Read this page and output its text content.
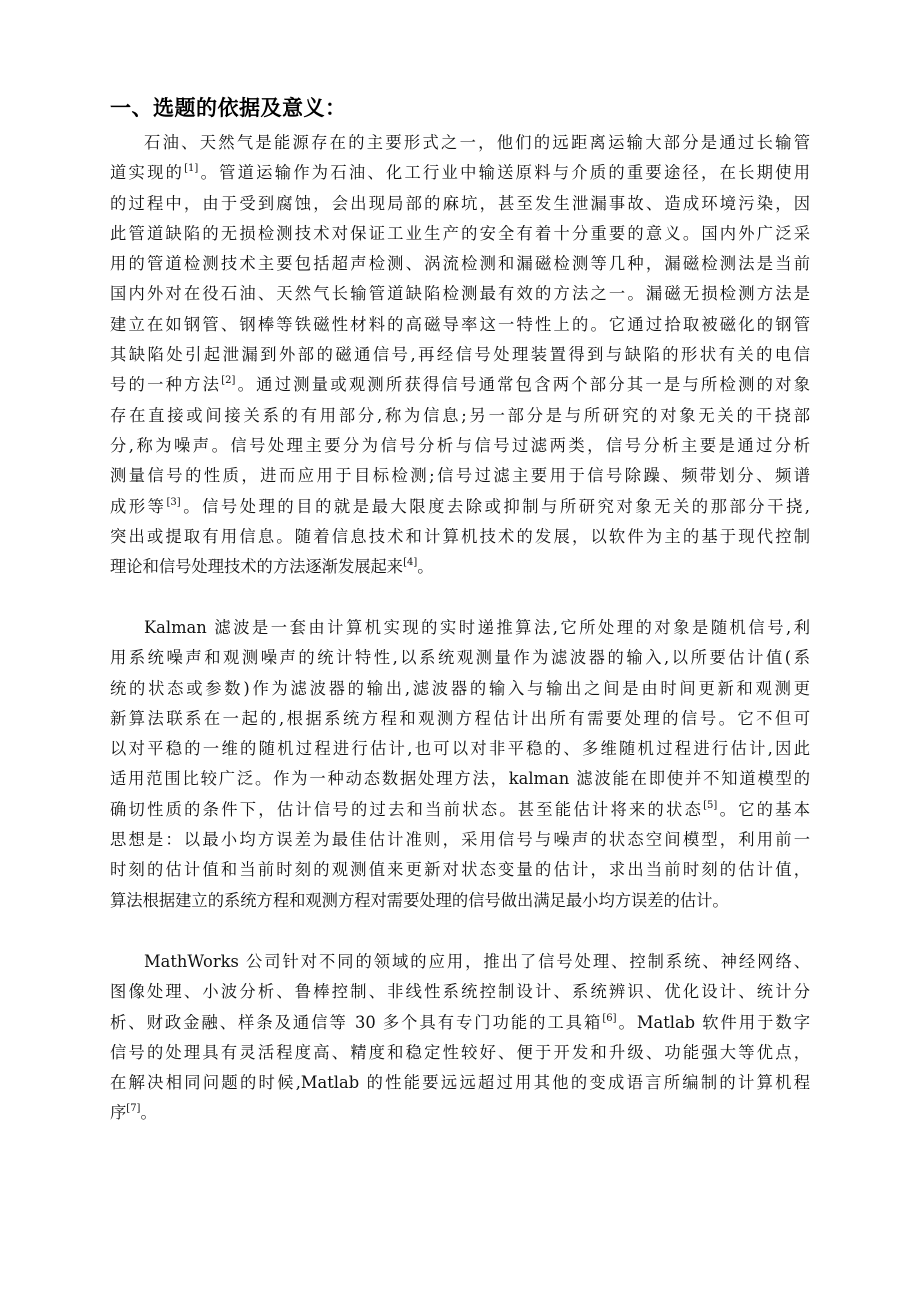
一、选题的依据及意义：
石油、天然气是能源存在的主要形式之一，他们的远距离运输大部分是通过长输管
道实现的[1]。管道运输作为石油、化工行业中输送原料与介质的重要途径，在长期使用
的过程中，由于受到腐蚀，会出现局部的麻坑，甚至发生泄漏事故、造成环境污染，因
此管道缺陷的无损检测技术对保证工业生产的安全有着十分重要的意义。国内外广泛采
用的管道检测技术主要包括超声检测、涡流检测和漏磁检测等几种，漏磁检测法是当前
国内外对在役石油、天然气长输管道缺陷检测最有效的方法之一。漏磁无损检测方法是
建立在如钢管、钢棒等铁磁性材料的高磁导率这一特性上的。它通过拾取被磁化的钢管
其缺陷处引起泄漏到外部的磁通信号,再经信号处理装置得到与缺陷的形状有关的电信
号的一种方法[2]。通过测量或观测所获得信号通常包含两个部分其一是与所检测的对象
存在直接或间接关系的有用部分,称为信息;另一部分是与所研究的对象无关的干挠部
分,称为噪声。信号处理主要分为信号分析与信号过滤两类，信号分析主要是通过分析
测量信号的性质，进而应用于目标检测;信号过滤主要用于信号除躁、频带划分、频谱
成形等[3]。信号处理的目的就是最大限度去除或抑制与所研究对象无关的那部分干挠,
突出或提取有用信息。随着信息技术和计算机技术的发展，以软件为主的基于现代控制
理论和信号处理技术的方法逐渐发展起来[4]。
Kalman 滤波是一套由计算机实现的实时递推算法,它所处理的对象是随机信号,利
用系统噪声和观测噪声的统计特性,以系统观测量作为滤波器的输入,以所要估计值(系
统的状态或参数)作为滤波器的输出,滤波器的输入与输出之间是由时间更新和观测更
新算法联系在一起的,根据系统方程和观测方程估计出所有需要处理的信号。它不但可
以对平稳的一维的随机过程进行估计,也可以对非平稳的、多维随机过程进行估计,因此
适用范围比较广泛。作为一种动态数据处理方法，kalman 滤波能在即使并不知道模型的
确切性质的条件下，估计信号的过去和当前状态。甚至能估计将来的状态[5]。它的基本
思想是：以最小均方误差为最佳估计准则，采用信号与噪声的状态空间模型，利用前一
时刻的估计值和当前时刻的观测值来更新对状态变量的估计，求出当前时刻的估计值，
算法根据建立的系统方程和观测方程对需要处理的信号做出满足最小均方误差的估计。
MathWorks 公司针对不同的领域的应用，推出了信号处理、控制系统、神经网络、
图像处理、小波分析、鲁棒控制、非线性系统控制设计、系统辨识、优化设计、统计分
析、财政金融、样条及通信等 30 多个具有专门功能的工具箱[6]。Matlab 软件用于数字
信号的处理具有灵活程度高、精度和稳定性较好、便于开发和升级、功能强大等优点，
在解决相同问题的时候,Matlab 的性能要远远超过用其他的变成语言所编制的计算机程
序[7]。
